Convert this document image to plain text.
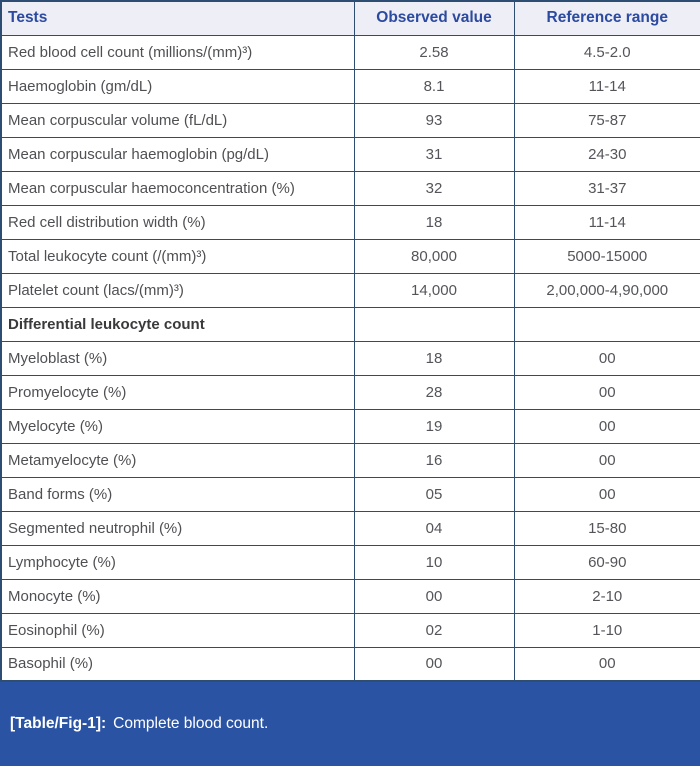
Tests	Observed value	Reference range
Red blood cell count (millions/(mm)³)	2.58	4.5-2.0
Haemoglobin (gm/dL)	8.1	11-14
Mean corpuscular volume (fL/dL)	93	75-87
Mean corpuscular haemoglobin (pg/dL)	31	24-30
Mean corpuscular haemoconcentration (%)	32	31-37
Red cell distribution width (%)	18	11-14
Total leukocyte count (/(mm)³)	80,000	5000-15000
Platelet count (lacs/(mm)³)	14,000	2,00,000-4,90,000
Differential leukocyte count		
Myeloblast (%)	18	00
Promyelocyte (%)	28	00
Myelocyte (%)	19	00
Metamyelocyte (%)	16	00
Band forms (%)	05	00
Segmented neutrophil (%)	04	15-80
Lymphocyte (%)	10	60-90
Monocyte (%)	00	2-10
Eosinophil (%)	02	1-10
Basophil (%)	00	00
[Table/Fig-1]: Complete blood count.
